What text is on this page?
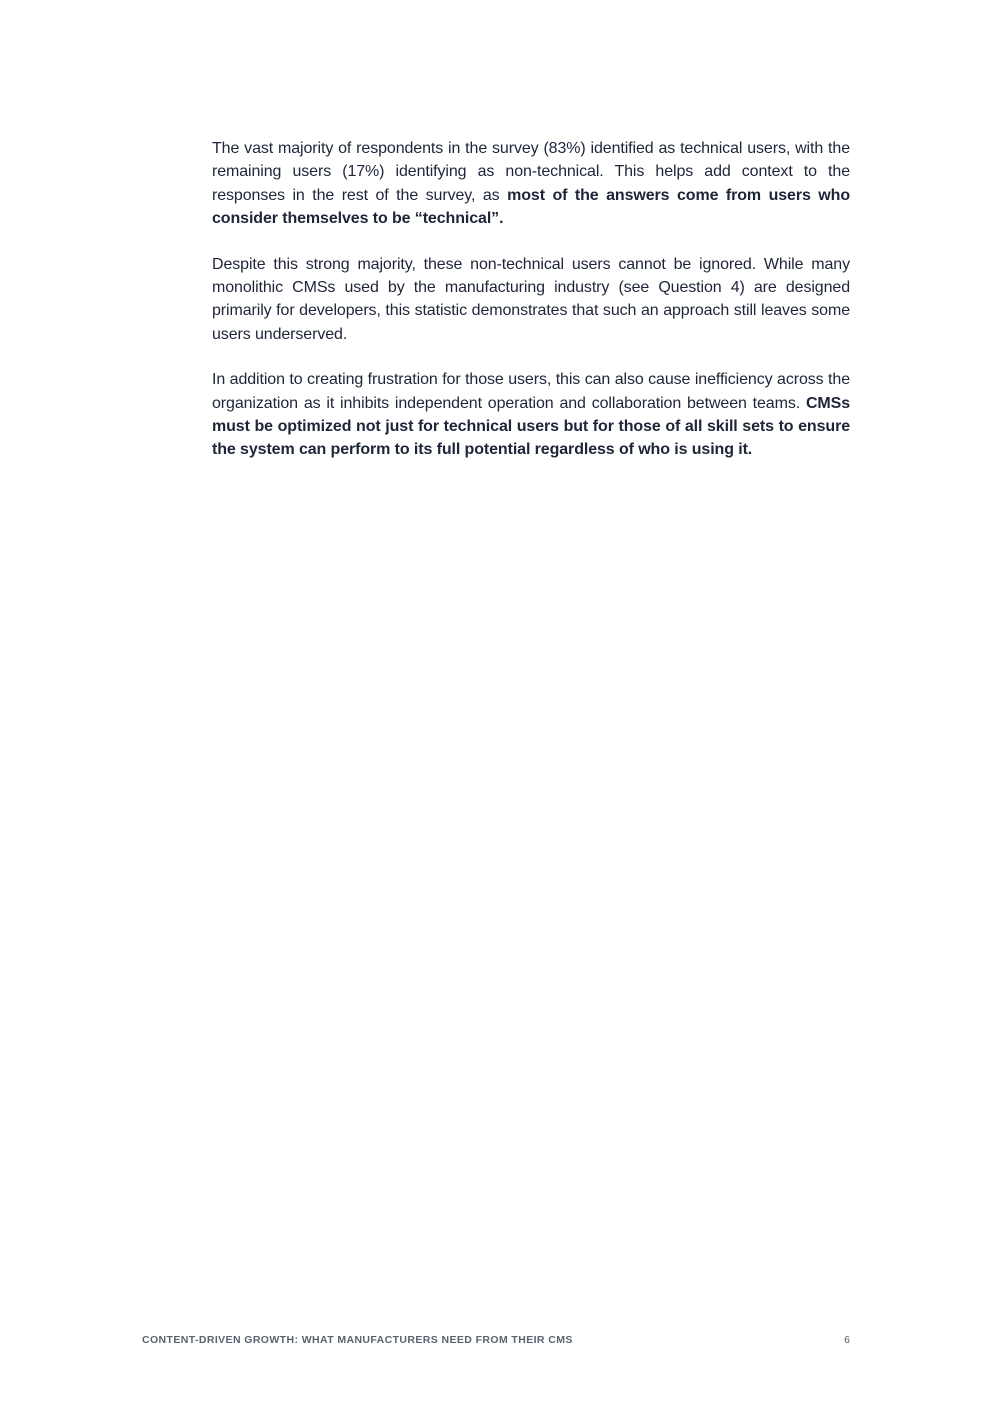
The vast majority of respondents in the survey (83%) identified as technical users, with the remaining users (17%) identifying as non-technical. This helps add context to the responses in the rest of the survey, as most of the answers come from users who consider themselves to be “technical”.

Despite this strong majority, these non-technical users cannot be ignored. While many monolithic CMSs used by the manufacturing industry (see Question 4) are designed primarily for developers, this statistic demonstrates that such an approach still leaves some users underserved.

In addition to creating frustration for those users, this can also cause inefficiency across the organization as it inhibits independent operation and collaboration between teams. CMSs must be optimized not just for technical users but for those of all skill sets to ensure the system can perform to its full potential regardless of who is using it.

CONTENT-DRIVEN GROWTH: WHAT MANUFACTURERS NEED FROM THEIR CMS	6
